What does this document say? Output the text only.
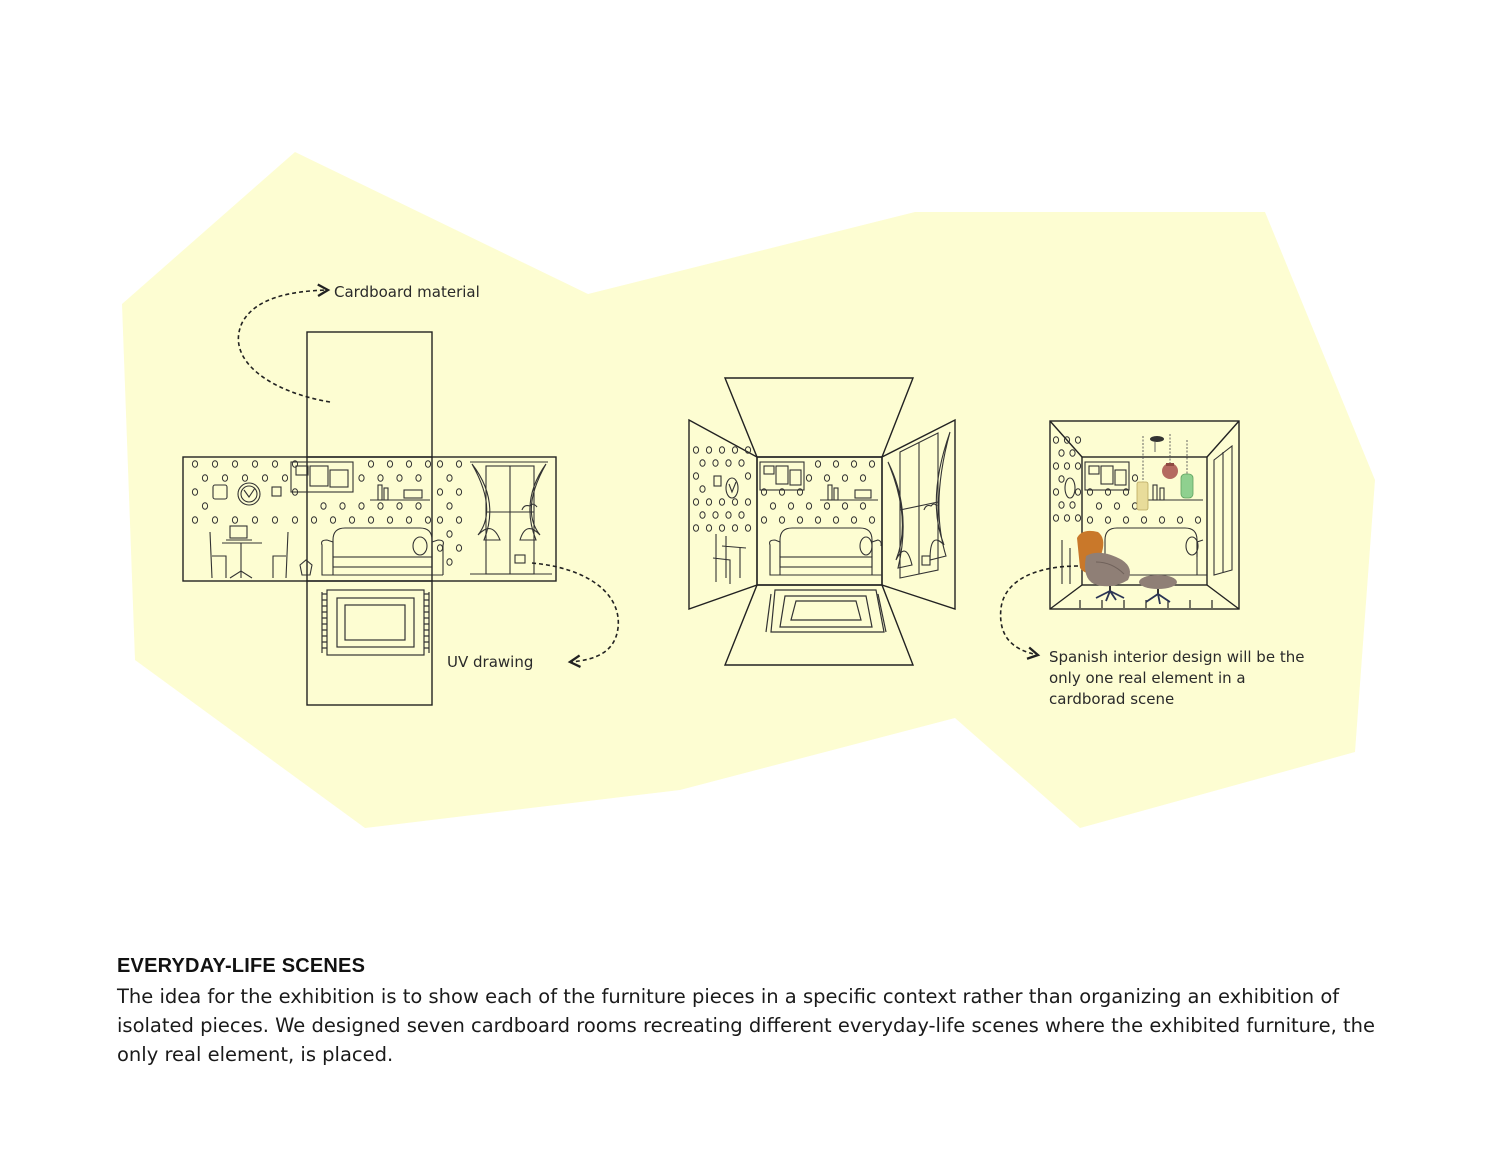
Cardboard material
UV drawing	Spanish interior design will be the only one real element in a cardborad scene

EVERYDAY-LIFE SCENES

The idea for the exhibition is to show each of the furniture pieces in a specific context rather than organizing an exhibition of isolated pieces. We designed seven cardboard rooms recreating different everyday-life scenes where the exhibited furniture, the only real element, is placed.
